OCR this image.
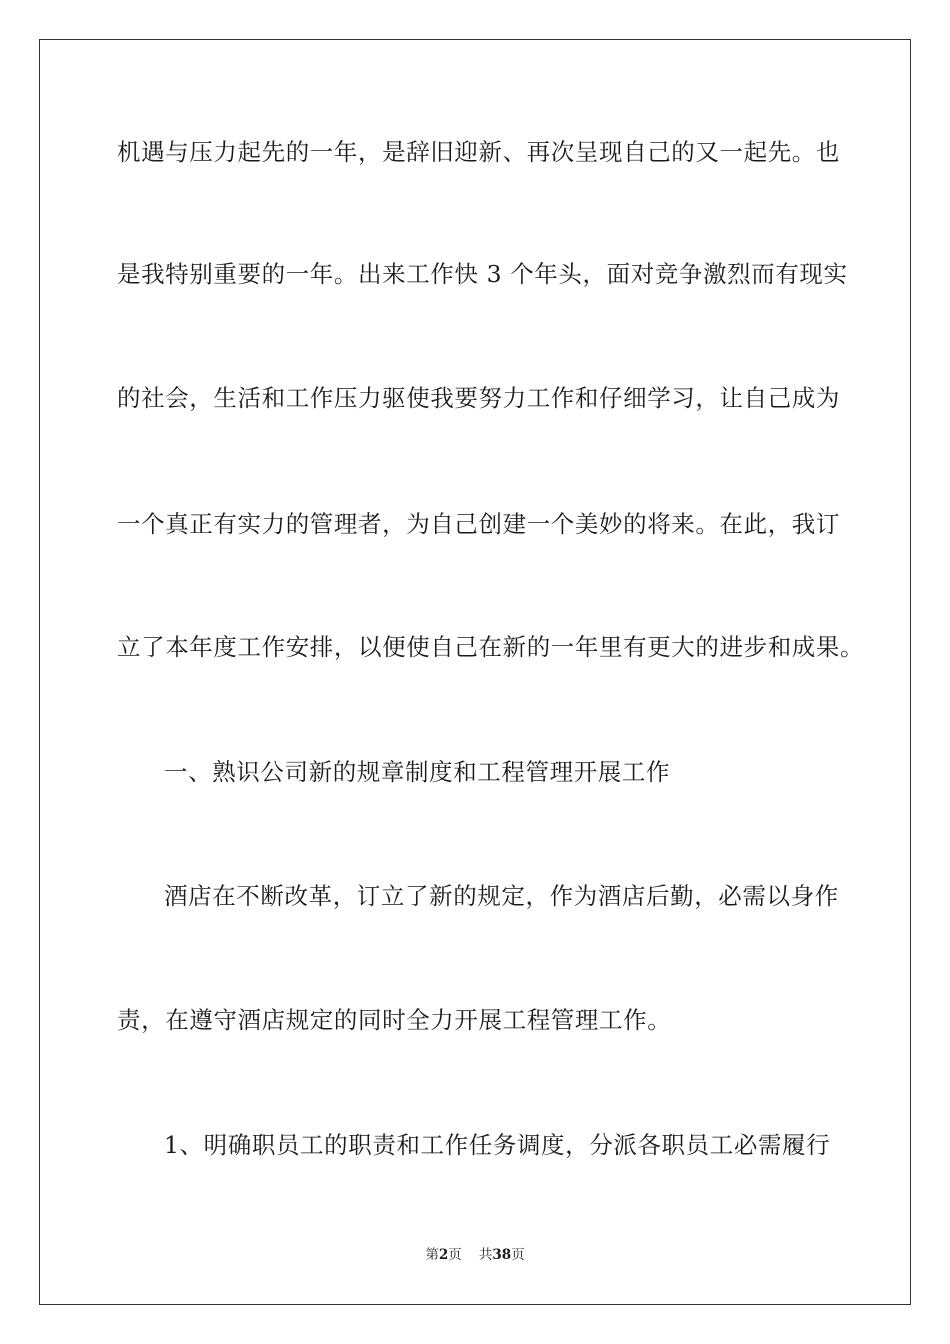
机遇与压力起先的一年，是辞旧迎新、再次呈现自己的又一起先。也
是我特别重要的一年。出来工作快 3 个年头，面对竞争激烈而有现实
的社会，生活和工作压力驱使我要努力工作和仔细学习，让自己成为
一个真正有实力的管理者，为自己创建一个美妙的将来。在此，我订
立了本年度工作安排，以便使自己在新的一年里有更大的进步和成果。
一、熟识公司新的规章制度和工程管理开展工作
酒店在不断改革，订立了新的规定，作为酒店后勤，必需以身作
责，在遵守酒店规定的同时全力开展工程管理工作。
1、明确职员工的职责和工作任务调度，分派各职员工必需履行
第2页 共38页
